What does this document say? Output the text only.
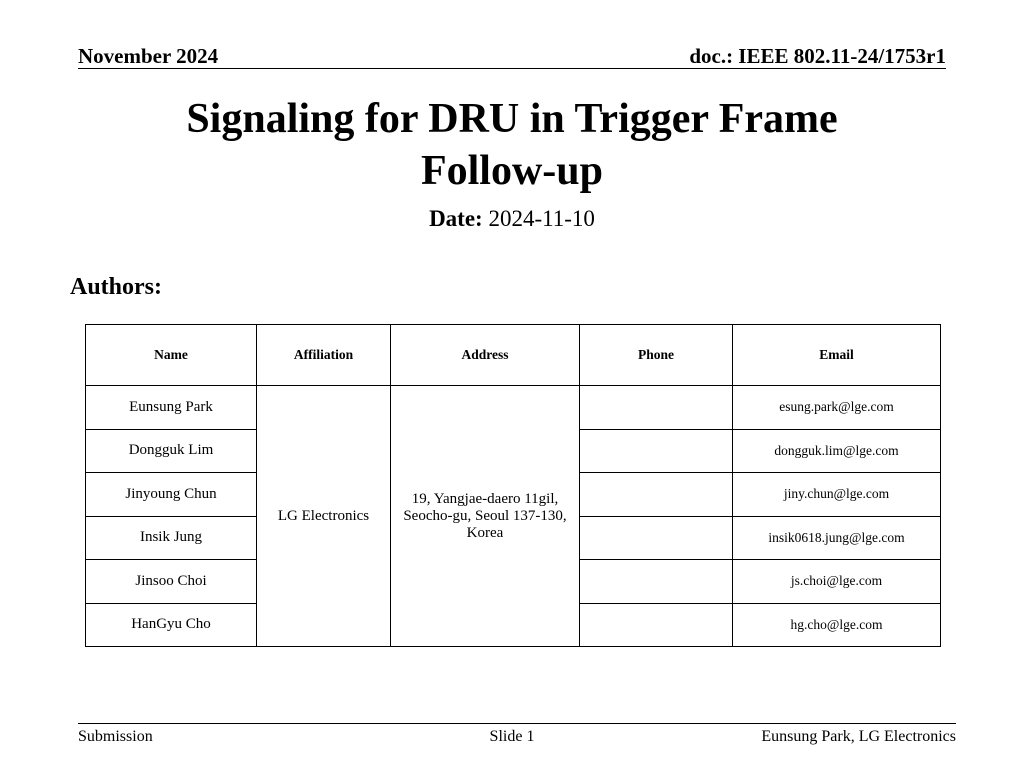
November 2024	doc.: IEEE 802.11-24/1753r1
Signaling for DRU in Trigger Frame
Follow-up
Date: 2024-11-10
Authors:
Name	Affiliation	Address	Phone	Email
Eunsung Park	LG Electronics	19, Yangjae-daero 11gil, Seocho-gu, Seoul 137-130, Korea		esung.park@lge.com
Dongguk Lim				dongguk.lim@lge.com
Jinyoung Chun				jiny.chun@lge.com
Insik Jung				insik0618.jung@lge.com
Jinsoo Choi				js.choi@lge.com
HanGyu Cho				hg.cho@lge.com
Submission	Slide 1	Eunsung Park, LG Electronics
